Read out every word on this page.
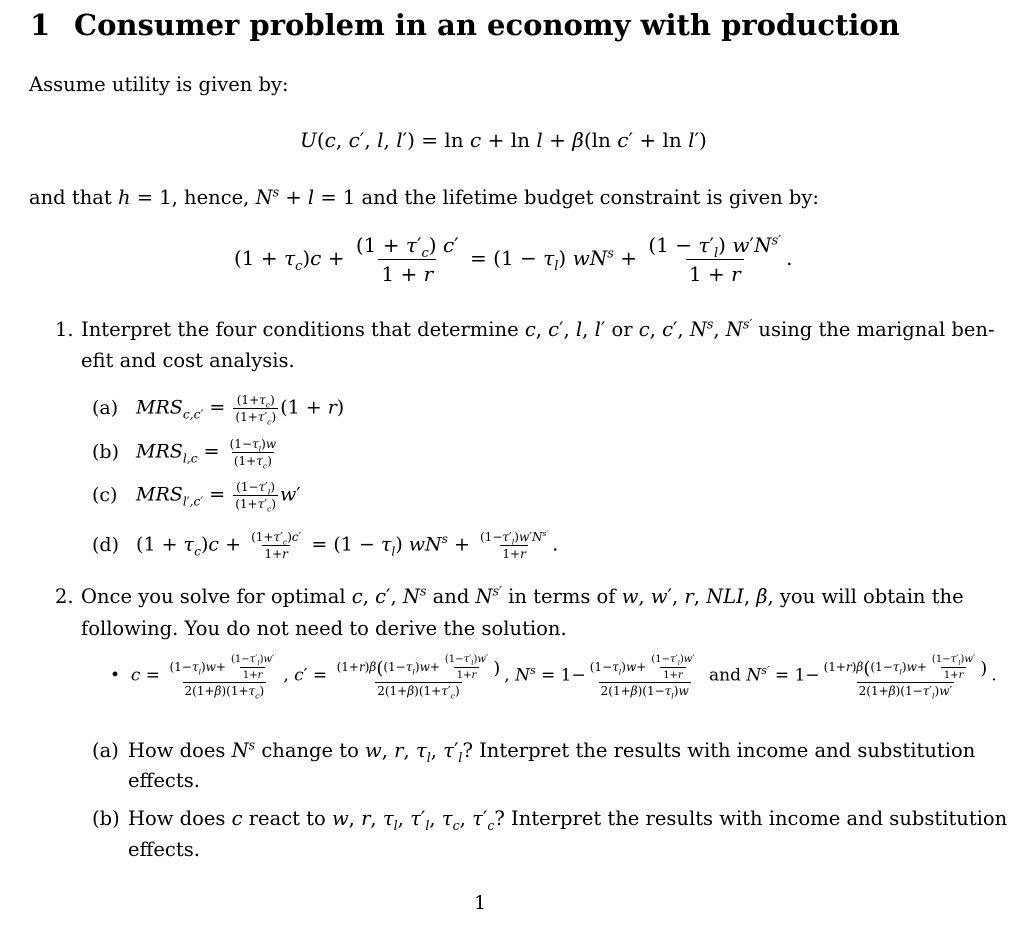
1 Consumer problem in an economy with production
Assume utility is given by:
U(c, c′, l, l′) = ln c + ln l + β(ln c′ + ln l′)
and that h = 1, hence, $N^s + l = 1$ and the lifetime budget constraint is given by:
$(1 + \tau_c)c + \frac{(1 + \tau'_c) c'}{1 + r} = (1 - \tau_l)$ $wN^s + \frac{(1 - \tau'_l) w'N^{s'}}{1 + r}$ .
1. Interpret the four conditions that determine c, c′, l, l′ or c, c′, $N^s$, $N^{s'}$ using the marignal ben-
efit and cost analysis.
(a) $MRS_{c,c'} = \frac{(1+\tau_c)}{(1+\tau'_c)} (1 + r)$
(b) $MRS_{l,c} = \frac{(1-\tau_l)w}{(1+\tau_c)}$
(c) $MRS_{l',c'} = \frac{(1-\tau'_l)}{(1+\tau'_c)} w'$
(d) $(1 + \tau_c)c + \frac{(1+\tau'_c)c'}{1+r} = (1 - \tau_l)$ $wN^s + \frac{(1-\tau'_l)w'N^{s'}}{1+r}$ .
2. Once you solve for optimal c, c′, $N^s$ and $N^{s'}$ in terms of w, w′, r, NLI, β, you will obtain the
following. You do not need to derive the solution.
• $c = \frac{(1-\tau_l)w+ \frac{(1-\tau'_l)w'}{1+r}}{2(1+\beta)(1+\tau_c)}$ , $c' = \frac{(1+r)\beta((1-\tau_l)w+ \frac{(1-\tau'_l)w'}{1+r} )}{2(1+\beta)(1+\tau'_c)}$ , $N^s = 1- \frac{(1-\tau_l)w+ \frac{(1-\tau'_l)w'}{1+r}}{2(1+\beta)(1-\tau_l)w}$ and $N^{s'} = 1- \frac{(1+r)\beta((1-\tau_l)w+ \frac{(1-\tau'_l)w'}{1+r} )}{2(1+\beta)(1-\tau'_l)w'}$ .
(a) How does $N^s$ change to w, r, $\tau_l$, $\tau'_l$? Interpret the results with income and substitution
effects.
(b) How does c react to w, r, $\tau_l$, $\tau'_l$, $\tau_c$, $\tau'_c$? Interpret the results with income and substitution
effects.
1
